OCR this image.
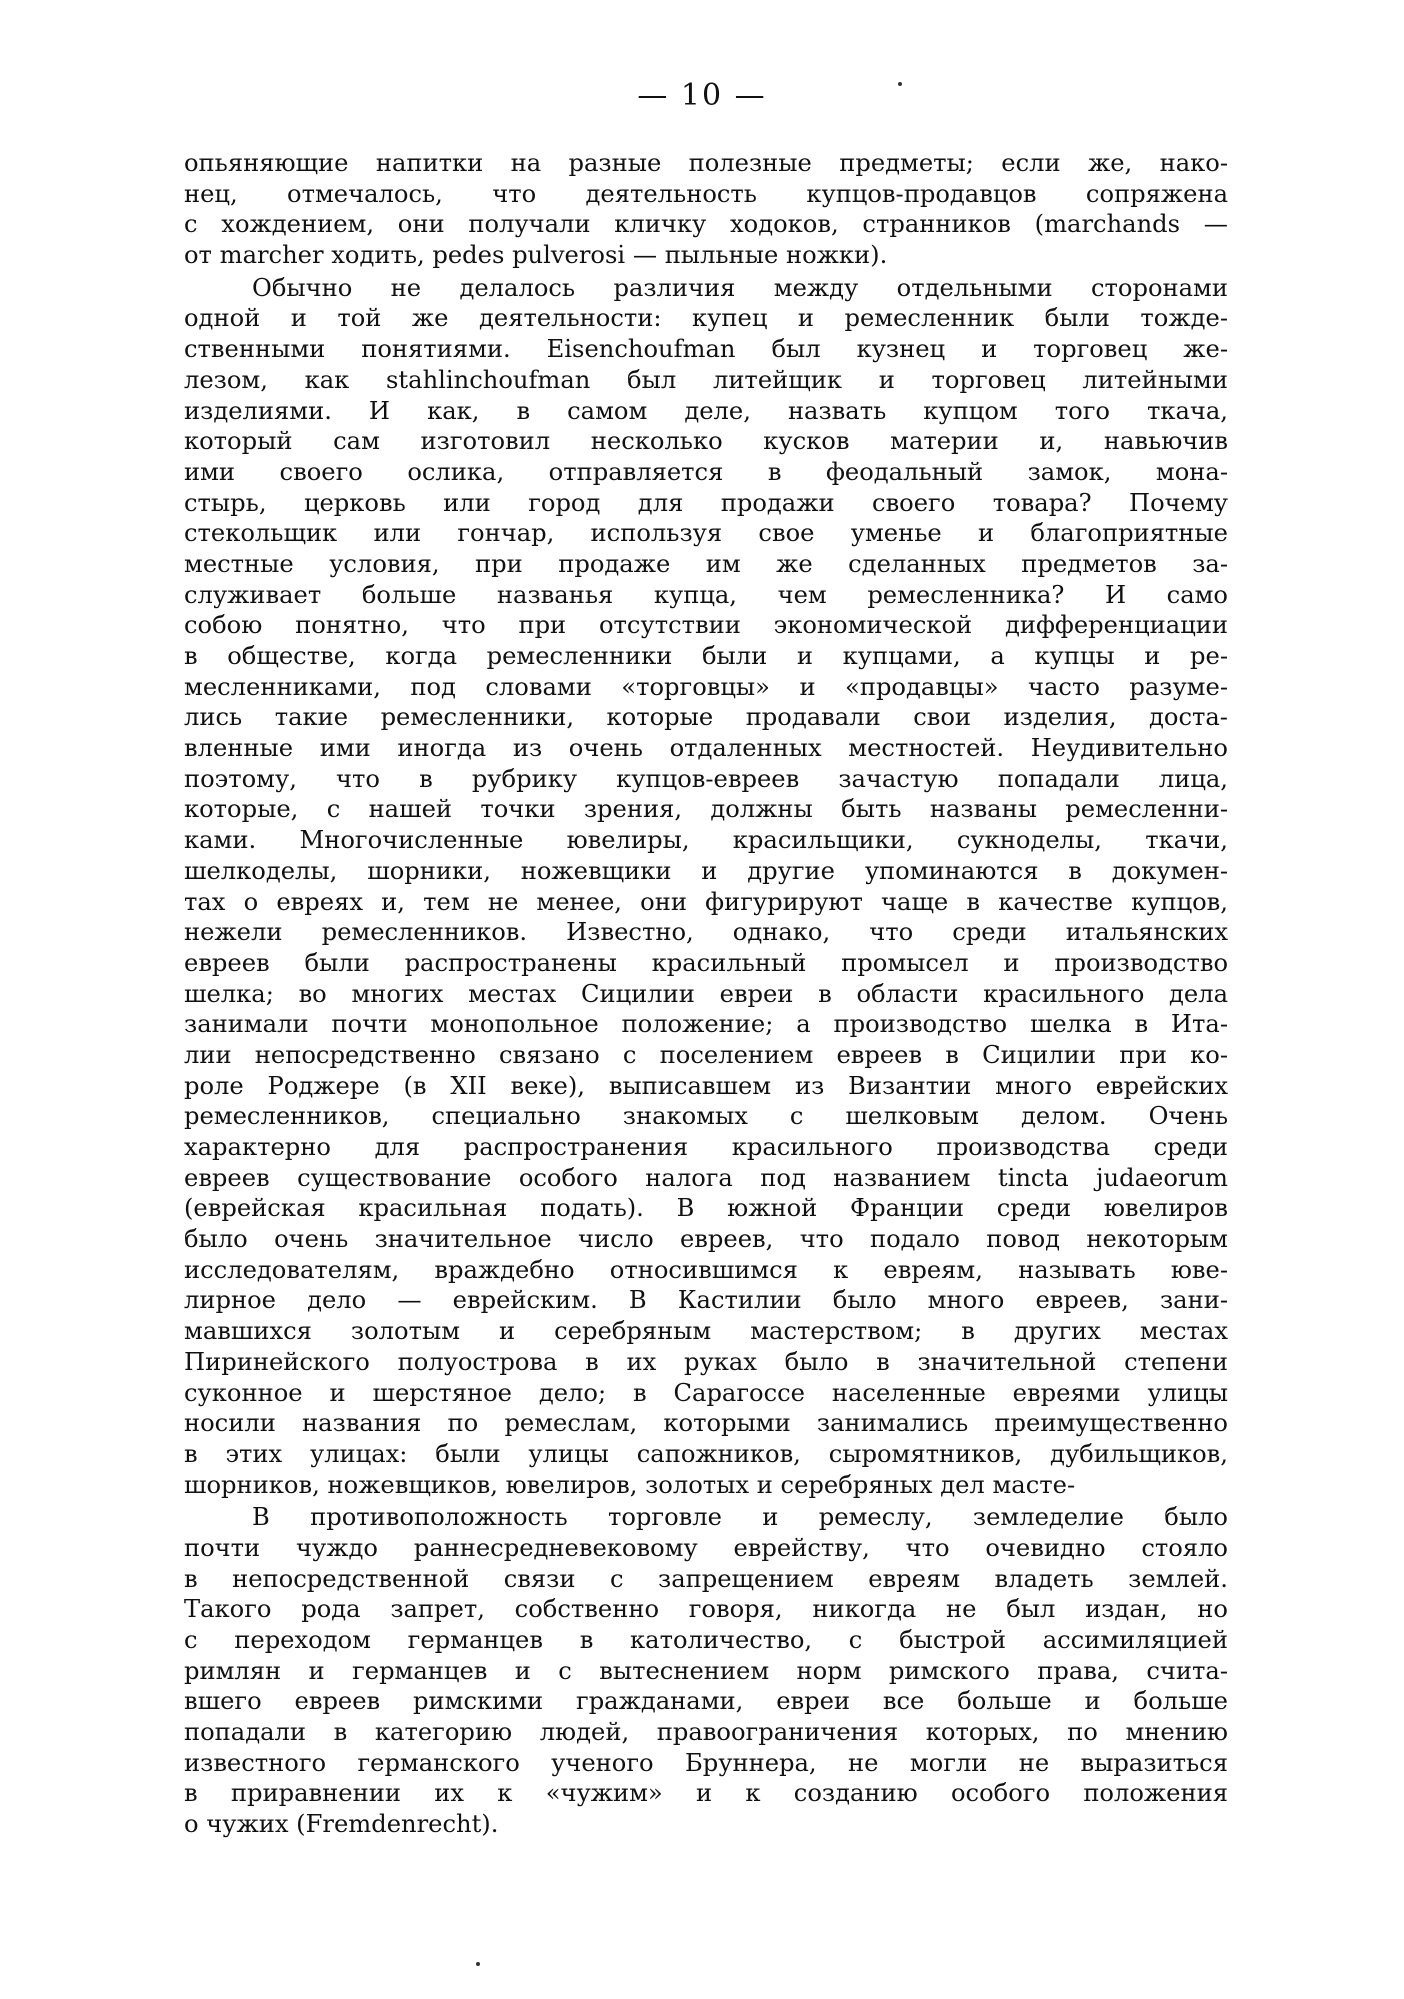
— 10 —
опьяняющие напитки на разные полезные предметы; если же, нако-
нец, отмечалось, что деятельность купцов-продавцов сопряжена
с хождением, они получали кличку ходоков, странников (marchands —
от marcher ходить, pedes pulverosi — пыльные ножки).
Обычно не делалось различия между отдельными сторонами
одной и той же деятельности: купец и ремесленник были тожде-
ственными понятиями. Eisenchoufman был кузнец и торговец же-
лезом, как stahlinchoufman был литейщик и торговец литейными
изделиями. И как, в самом деле, назвать купцом того ткача,
который сам изготовил несколько кусков материи и, навьючив
ими своего ослика, отправляется в феодальный замок, мона-
стырь, церковь или город для продажи своего товара? Почему
стекольщик или гончар, используя свое уменье и благоприятные
местные условия, при продаже им же сделанных предметов за-
служивает больше названья купца, чем ремесленника? И само
собою понятно, что при отсутствии экономической дифференциации
в обществе, когда ремесленники были и купцами, а купцы и ре-
месленниками, под словами «торговцы» и «продавцы» часто разуме-
лись такие ремесленники, которые продавали свои изделия, доста-
вленные ими иногда из очень отдаленных местностей. Неудивительно
поэтому, что в рубрику купцов-евреев зачастую попадали лица,
которые, с нашей точки зрения, должны быть названы ремесленни-
ками. Многочисленные ювелиры, красильщики, сукноделы, ткачи,
шелкоделы, шорники, ножевщики и другие упоминаются в докумен-
тах о евреях и, тем не менее, они фигурируют чаще в качестве купцов,
нежели ремесленников. Известно, однако, что среди итальянских
евреев были распространены красильный промысел и производство
шелка; во многих местах Сицилии евреи в области красильного дела
занимали почти монопольное положение; а производство шелка в Ита-
лии непосредственно связано с поселением евреев в Сицилии при ко-
роле Роджере (в XII веке), выписавшем из Византии много еврейских
ремесленников, специально знакомых с шелковым делом. Очень
характерно для распространения красильного производства среди
евреев существование особого налога под названием tincta judaeorum
(еврейская красильная подать). В южной Франции среди ювелиров
было очень значительное число евреев, что подало повод некоторым
исследователям, враждебно относившимся к евреям, называть юве-
лирное дело — еврейским. В Кастилии было много евреев, зани-
мавшихся золотым и серебряным мастерством; в других местах
Пиринейского полуострова в их руках было в значительной степени
суконное и шерстяное дело; в Сарагоссе населенные евреями улицы
носили названия по ремеслам, которыми занимались преимущественно
в этих улицах: были улицы сапожников, сыромятников, дубильщиков,
шорников, ножевщиков, ювелиров, золотых и серебряных дел масте-
В противоположность торговле и ремеслу, земледелие было
почти чуждо раннесредневековому еврейству, что очевидно стояло
в непосредственной связи с запрещением евреям владеть землей.
Такого рода запрет, собственно говоря, никогда не был издан, но
с переходом германцев в католичество, с быстрой ассимиляцией
римлян и германцев и с вытеснением норм римского права, счита-
вшего евреев римскими гражданами, евреи все больше и больше
попадали в категорию людей, правоограничения которых, по мнению
известного германского ученого Бруннера, не могли не выразиться
в приравнении их к «чужим» и к созданию особого положения
о чужих (Fremdenrecht).
